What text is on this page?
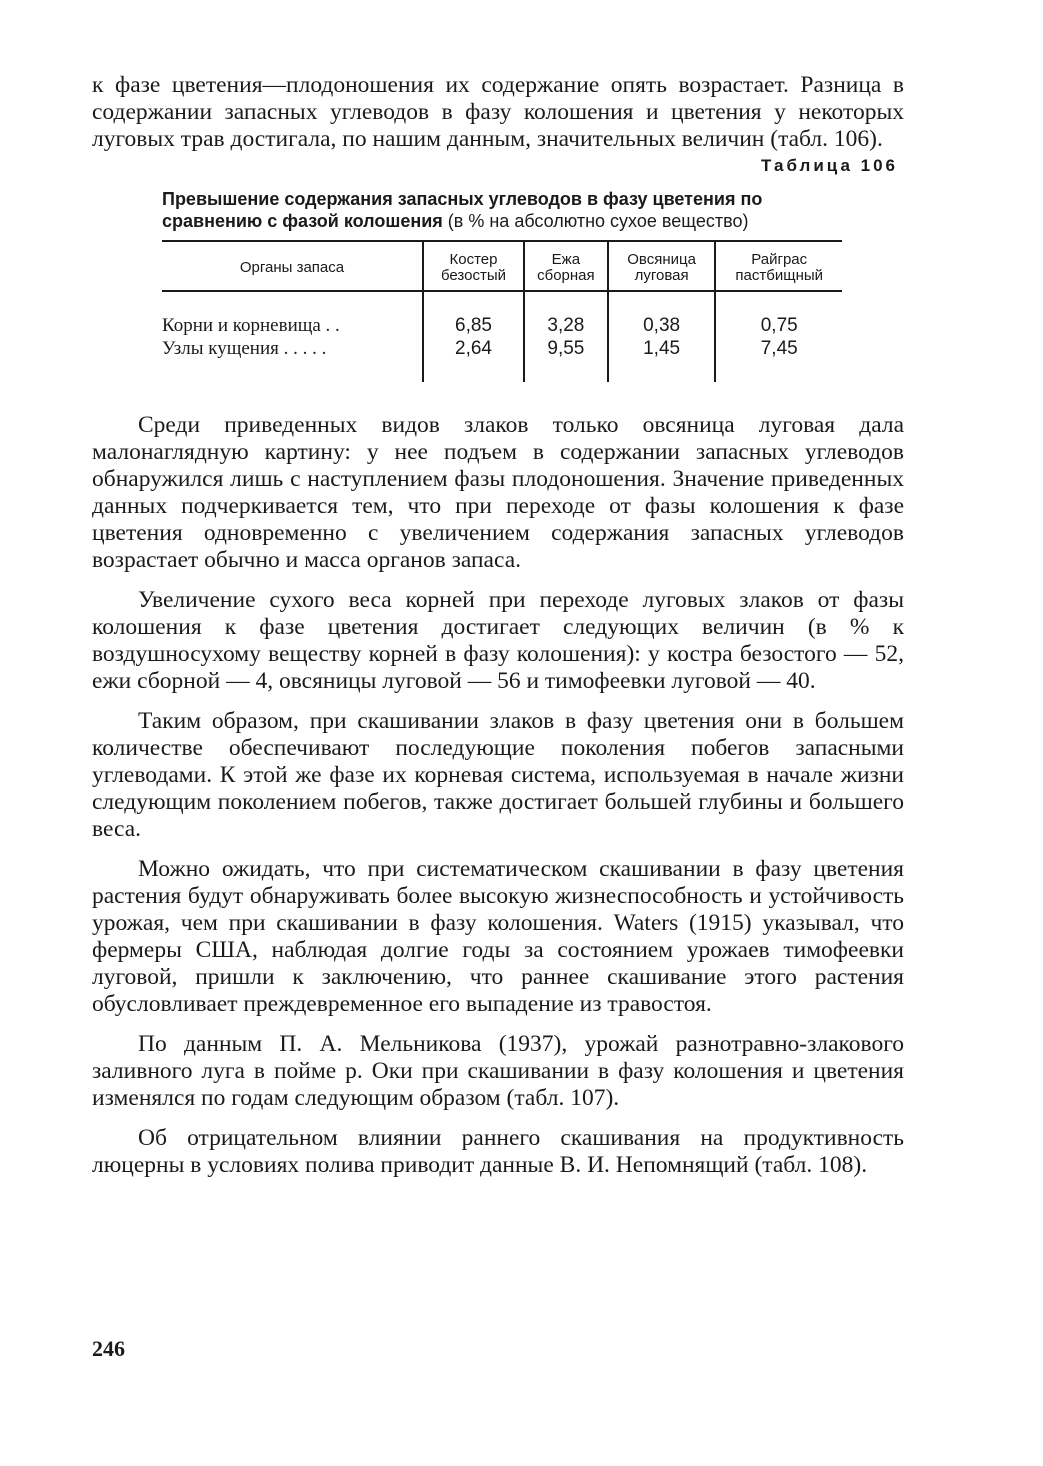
к фазе цветения—плодоношения их содержание опять возрастает. Разница в содержании запасных углеводов в фазу колошения и цветения у некоторых луговых трав достигала, по нашим данным, значительных величин (табл. 106).

Таблица 106
Превышение содержания запасных углеводов в фазу цветения по сравнению с фазой колошения (в % на абсолютно сухое вещество)
Органы запаса	Костер безостый	Ежа сборная	Овсяница луговая	Райграс пастбищный
Корни и корневища . .	6,85	3,28	0,38	0,75
Узлы кущения . . . . .	2,64	9,55	1,45	7,45

Среди приведенных видов злаков только овсяница луговая дала малонаглядную картину: у нее подъем в содержании запасных углеводов обнаружился лишь с наступлением фазы плодоношения. Значение приведенных данных подчеркивается тем, что при переходе от фазы колошения к фазе цветения одновременно с увеличением содержания запасных углеводов возрастает обычно и масса органов запаса.

Увеличение сухого веса корней при переходе луговых злаков от фазы колошения к фазе цветения достигает следующих величин (в % к воздушносухому веществу корней в фазу колошения): у костра безостого — 52, ежи сборной — 4, овсяницы луговой — 56 и тимофеевки луговой — 40.

Таким образом, при скашивании злаков в фазу цветения они в большем количестве обеспечивают последующие поколения побегов запасными углеводами. К этой же фазе их корневая система, используемая в начале жизни следующим поколением побегов, также достигает большей глубины и большего веса.

Можно ожидать, что при систематическом скашивании в фазу цветения растения будут обнаруживать более высокую жизнеспособность и устойчивость урожая, чем при скашивании в фазу колошения. Waters (1915) указывал, что фермеры США, наблюдая долгие годы за состоянием урожаев тимофеевки луговой, пришли к заключению, что раннее скашивание этого растения обусловливает преждевременное его выпадение из травостоя.

По данным П. А. Мельникова (1937), урожай разнотравно-злакового заливного луга в пойме р. Оки при скашивании в фазу колошения и цветения изменялся по годам следующим образом (табл. 107).

Об отрицательном влиянии раннего скашивания на продуктивность люцерны в условиях полива приводит данные В. И. Непомнящий (табл. 108).

246
